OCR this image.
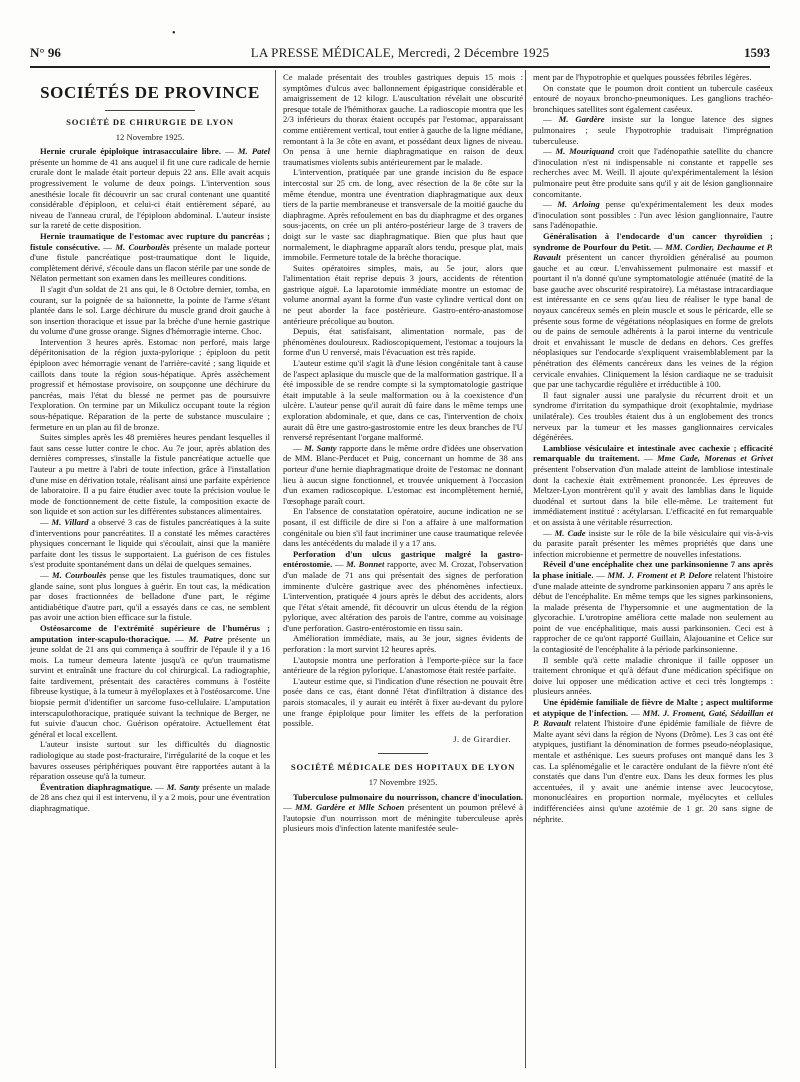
•
N° 96	LA PRESSE MÉDICALE, Mercredi, 2 Décembre 1925	1593
SOCIÉTÉS DE PROVINCE
SOCIÉTÉ DE CHIRURGIE DE LYON
12 Novembre 1925.

Hernie crurale épiploïque intrasacculaire libre. — M. Patel présente un homme de 41 ans auquel il fit une cure radicale de hernie crurale dont le malade était porteur depuis 22 ans. Elle avait acquis progressivement le volume de deux poings. L'intervention sous anesthésie locale fit découvrir un sac crural contenant une quantité considérable d'épiploon, et celui-ci était entièrement séparé, au niveau de l'anneau crural, de l'épiploon abdominal. L'auteur insiste sur la rareté de cette disposition.

Hernie traumatique de l'estomac avec rupture du pancréas ; fistule consécutive. — M. Courboulès présente un malade porteur d'une fistule pancréatique post-traumatique dont le liquide, complètement dérivé, s'écoule dans un flacon stérile par une sonde de Nélaton permettant son examen dans les meilleures conditions.

Il s'agit d'un soldat de 21 ans qui, le 8 Octobre dernier, tomba, en courant, sur la poignée de sa baïonnette, la pointe de l'arme s'étant plantée dans le sol. Large déchirure du muscle grand droit gauche à son insertion thoracique et issue par la brèche d'une hernie gastrique du volume d'une grosse orange. Signes d'hémorragie interne. Choc.

Intervention 3 heures après. Estomac non perforé, mais large dépéritonisation de la région juxta-pylorique ; épiploon du petit épiploon avec hémorragie venant de l'arrière-cavité ; sang liquide et caillots dans toute la région sous-hépatique. Après assèchement progressif et hémostase provisoire, on soupçonne une déchirure du pancréas, mais l'état du blessé ne permet pas de poursuivre l'exploration. On termine par un Mikulicz occupant toute la région sous-hépatique. Réparation de la perte de substance musculaire ; fermeture en un plan au fil de bronze.

Suites simples après les 48 premières heures pendant lesquelles il faut sans cesse lutter contre le choc. Au 7e jour, après ablation des dernières compresses, s'installe la fistule pancréatique actuelle que l'auteur a pu mettre à l'abri de toute infection, grâce à l'installation d'une mise en dérivation totale, réalisant ainsi une parfaite expérience de laboratoire. Il a pu faire étudier avec toute la précision voulue le mode de fonctionnement de cette fistule, la composition exacte de son liquide et son action sur les différentes substances alimentaires.

— M. Villard a observé 3 cas de fistules pancréatiques à la suite d'interventions pour pancréatites. Il a constaté les mêmes caractères physiques concernant le liquide qui s'écoulait, ainsi que la manière parfaite dont les tissus le supportaient. La guérison de ces fistules s'est produite spontanément dans un délai de quelques semaines.

— M. Courboulès pense que les fistules traumatiques, donc sur glande saine, sont plus longues à guérir. En tout cas, la médication par doses fractionnées de belladone d'une part, le régime antidiabétique d'autre part, qu'il a essayés dans ce cas, ne semblent pas avoir une action bien efficace sur la fistule.

Ostéosarcome de l'extrémité supérieure de l'humérus ; amputation inter-scapulo-thoracique. — M. Patre présente un jeune soldat de 21 ans qui commença à souffrir de l'épaule il y a 16 mois. La tumeur demeura latente jusqu'à ce qu'un traumatisme survint et entraînât une fracture du col chirurgical. La radiographie, faite tardivement, présentait des caractères communs à l'ostéite fibreuse kystique, à la tumeur à myéloplaxes et à l'ostéosarcome. Une biopsie permit d'identifier un sarcome fuso-cellulaire. L'amputation interscapulothoracique, pratiquée suivant la technique de Berger, ne fut suivie d'aucun choc. Guérison opératoire. Actuellement état général et local excellent.

L'auteur insiste surtout sur les difficultés du diagnostic radiologique au stade post-fracturaire, l'irrégularité de la coque et les bavures osseuses périphériques pouvant être rapportées autant à la réparation osseuse qu'à la tumeur.

Éventration diaphragmatique. — M. Santy présente un malade de 28 ans chez qui il est intervenu, il y a 2 mois, pour une éventration diaphragmatique.

Ce malade présentait des troubles gastriques depuis 15 mois : symptômes d'ulcus avec ballonnement épigastrique considérable et amaigrissement de 12 kilogr. L'auscultation révélait une obscurité presque totale de l'hémithorax gauche. La radioscopie montra que les 2/3 inférieurs du thorax étaient occupés par l'estomac, apparaissant comme entièrement vertical, tout entier à gauche de la ligne médiane, remontant à la 3e côte en avant, et possédant deux lignes de niveau. On pensa à une hernie diaphragmatique en raison de deux traumatismes violents subis antérieurement par le malade.

L'intervention, pratiquée par une grande incision du 8e espace intercostal sur 25 cm. de long, avec résection de la 8e côte sur la même étendue, montra une éventration diaphragmatique aux deux tiers de la partie membraneuse et transversale de la moitié gauche du diaphragme. Après refoulement en bas du diaphragme et des organes sous-jacents, on crée un pli antéro-postérieur large de 3 travers de doigt sur le vaste sac diaphragmatique. Bien que plus haut que normalement, le diaphragme apparaît alors tendu, presque plat, mais immobile. Fermeture totale de la brèche thoracique.

Suites opératoires simples, mais, au 5e jour, alors que l'alimentation était reprise depuis 3 jours, accidents de rétention gastrique aiguë. La laparotomie immédiate montre un estomac de volume anormal ayant la forme d'un vaste cylindre vertical dont on ne peut aborder la face postérieure. Gastro-entéro-anastomose antérieure précolique au bouton.

Depuis, état satisfaisant, alimentation normale, pas de phénomènes douloureux. Radioscopiquement, l'estomac a toujours la forme d'un U renversé, mais l'évacuation est très rapide.

L'auteur estime qu'il s'agit là d'une lésion congénitale tant à cause de l'aspect aplasique du muscle que de la malformation gastrique. Il a été impossible de se rendre compte si la symptomatologie gastrique était imputable à la seule malformation ou à la coexistence d'un ulcère. L'auteur pense qu'il aurait dû faire dans le même temps une exploration abdominale, et que, dans ce cas, l'intervention de choix aurait dû être une gastro-gastrostomie entre les deux branches de l'U renversé représentant l'organe malformé.

— M. Santy rapporte dans le même ordre d'idées une observation de MM. Blanc-Perducet et Puig, concernant un homme de 38 ans porteur d'une hernie diaphragmatique droite de l'estomac ne donnant lieu à aucun signe fonctionnel, et trouvée uniquement à l'occasion d'un examen radioscopique. L'estomac est incomplètement hernié, l'œsophage paraît court.

En l'absence de constatation opératoire, aucune indication ne se posant, il est difficile de dire si l'on a affaire à une malformation congénitale ou bien s'il faut incriminer une cause traumatique relevée dans les antécédents du malade il y a 17 ans.

Perforation d'un ulcus gastrique malgré la gastro-entérostomie. — M. Bonnet rapporte, avec M. Crozat, l'observation d'un malade de 71 ans qui présentait des signes de perforation imminente d'ulcère gastrique avec des phénomènes infectieux. L'intervention, pratiquée 4 jours après le début des accidents, alors que l'état s'était amendé, fit découvrir un ulcus étendu de la région pylorique, avec altération des parois de l'antre, comme au voisinage d'une perforation. Gastro-entérostomie en tissu sain.

Amélioration immédiate, mais, au 3e jour, signes évidents de perforation : la mort survint 12 heures après.

L'autopsie montra une perforation à l'emporte-pièce sur la face antérieure de la région pylorique. L'anastomose était restée parfaite.

L'auteur estime que, si l'indication d'une résection ne pouvait être posée dans ce cas, étant donné l'état d'infiltration à distance des parois stomacales, il y aurait eu intérêt à fixer au-devant du pylore une frange épiploïque pour limiter les effets de la perforation possible.

J. de Girardier.
SOCIÉTÉ MÉDICALE DES HOPITAUX DE LYON
17 Novembre 1925.

Tuberculose pulmonaire du nourrisson, chancre d'inoculation. — MM. Gardère et Mlle Schoen présentent un poumon prélevé à l'autopsie d'un nourrisson mort de méningite tuberculeuse après plusieurs mois d'infection latente manifestée seule-

ment par de l'hypotrophie et quelques poussées fébriles légères.

On constate que le poumon droit contient un tubercule caséeux entouré de noyaux broncho-pneumoniques. Les ganglions trachéo-bronchiques satellites sont également caséeux.

— M. Gardère insiste sur la longue latence des signes pulmonaires ; seule l'hypotrophie traduisait l'imprégnation tuberculeuse.

— M. Mouriquand croit que l'adénopathie satellite du chancre d'inoculation n'est ni indispensable ni constante et rappelle ses recherches avec M. Weill. Il ajoute qu'expérimentalement la lésion pulmonaire peut être produite sans qu'il y ait de lésion ganglionnaire concomitante.

— M. Arloing pense qu'expérimentalement les deux modes d'inoculation sont possibles : l'un avec lésion ganglionnaire, l'autre sans l'adénopathie.

Généralisation à l'endocarde d'un cancer thyroïdien ; syndrome de Pourfour du Petit. — MM. Cordier, Dechaume et P. Ravault présentent un cancer thyroïdien généralisé au poumon gauche et au cœur. L'envahissement pulmonaire est massif et pourtant il n'a donné qu'une symptomatologie atténuée (matité de la base gauche avec obscurité respiratoire). La métastase intracardiaque est intéressante en ce sens qu'au lieu de réaliser le type banal de noyaux cancéreux semés en plein muscle et sous le péricarde, elle se présente sous forme de végétations néoplasiques en forme de grelots ou de pains de semoule adhérents à la paroi interne du ventricule droit et envahissant le muscle de dedans en dehors. Ces greffes néoplasiques sur l'endocarde s'expliquent vraisemblablement par la pénétration des éléments cancéreux dans les veines de la région cervicale envahies. Cliniquement la lésion cardiaque ne se traduisit que par une tachycardie régulière et irréductible à 100.

Il faut signaler aussi une paralysie du récurrent droit et un syndrome d'irritation du sympathique droit (exophtalmie, mydriase unilatérale). Ces troubles étaient dus à un englobement des troncs nerveux par la tumeur et les masses ganglionnaires cervicales dégénérées.

Lambliose vésiculaire et intestinale avec cachexie ; efficacité remarquable du traitement. — Mme Cade, Morenas et Grivet présentent l'observation d'un malade atteint de lambliose intestinale dont la cachexie était extrêmement prononcée. Les épreuves de Meltzer-Lyon montrèrent qu'il y avait des lamblias dans le liquide duodénal et surtout dans la bile elle-même. Le traitement fut immédiatement institué : acétylarsan. L'efficacité en fut remarquable et on assista à une véritable résurrection.

— M. Cade insiste sur le rôle de la bile vésiculaire qui vis-à-vis du parasite paraît présenter les mêmes propriétés que dans une infection microbienne et permettre de nouvelles infestations.

Réveil d'une encéphalite chez une parkinsonienne 7 ans après la phase initiale. — MM. J. Froment et P. Delore relatent l'histoire d'une malade atteinte de syndrome parkinsonien apparu 7 ans après le début de l'encéphalite. En même temps que les signes parkinsoniens, la malade présenta de l'hypersomnie et une augmentation de la glycorachie. L'urotropine améliora cette malade non seulement au point de vue encéphalitique, mais aussi parkinsonien. Ceci est à rapprocher de ce qu'ont rapporté Guillain, Alajouanine et Celice sur la contagiosité de l'encéphalite à la période parkinsonienne.

Il semble qu'à cette maladie chronique il faille opposer un traitement chronique et qu'à défaut d'une médication spécifique on doive lui opposer une médication active et ceci très longtemps : plusieurs années.

Une épidémie familiale de fièvre de Malte ; aspect multiforme et atypique de l'infection. — MM. J. Froment, Gaté, Sédaillan et P. Ravault relatent l'histoire d'une épidémie familiale de fièvre de Malte ayant sévi dans la région de Nyons (Drôme). Les 3 cas ont été atypiques, justifiant la dénomination de formes pseudo-néoplasique, mentale et asthénique. Les sueurs profuses ont manqué dans les 3 cas. La splénomégalie et le caractère ondulant de la fièvre n'ont été constatés que dans l'un d'entre eux. Dans les deux formes les plus accentuées, il y avait une anémie intense avec leucocytose, mononucléaires en proportion normale, myélocytes et cellules indifférenciées ainsi qu'une azotémie de 1 gr. 20 sans signe de néphrite.
